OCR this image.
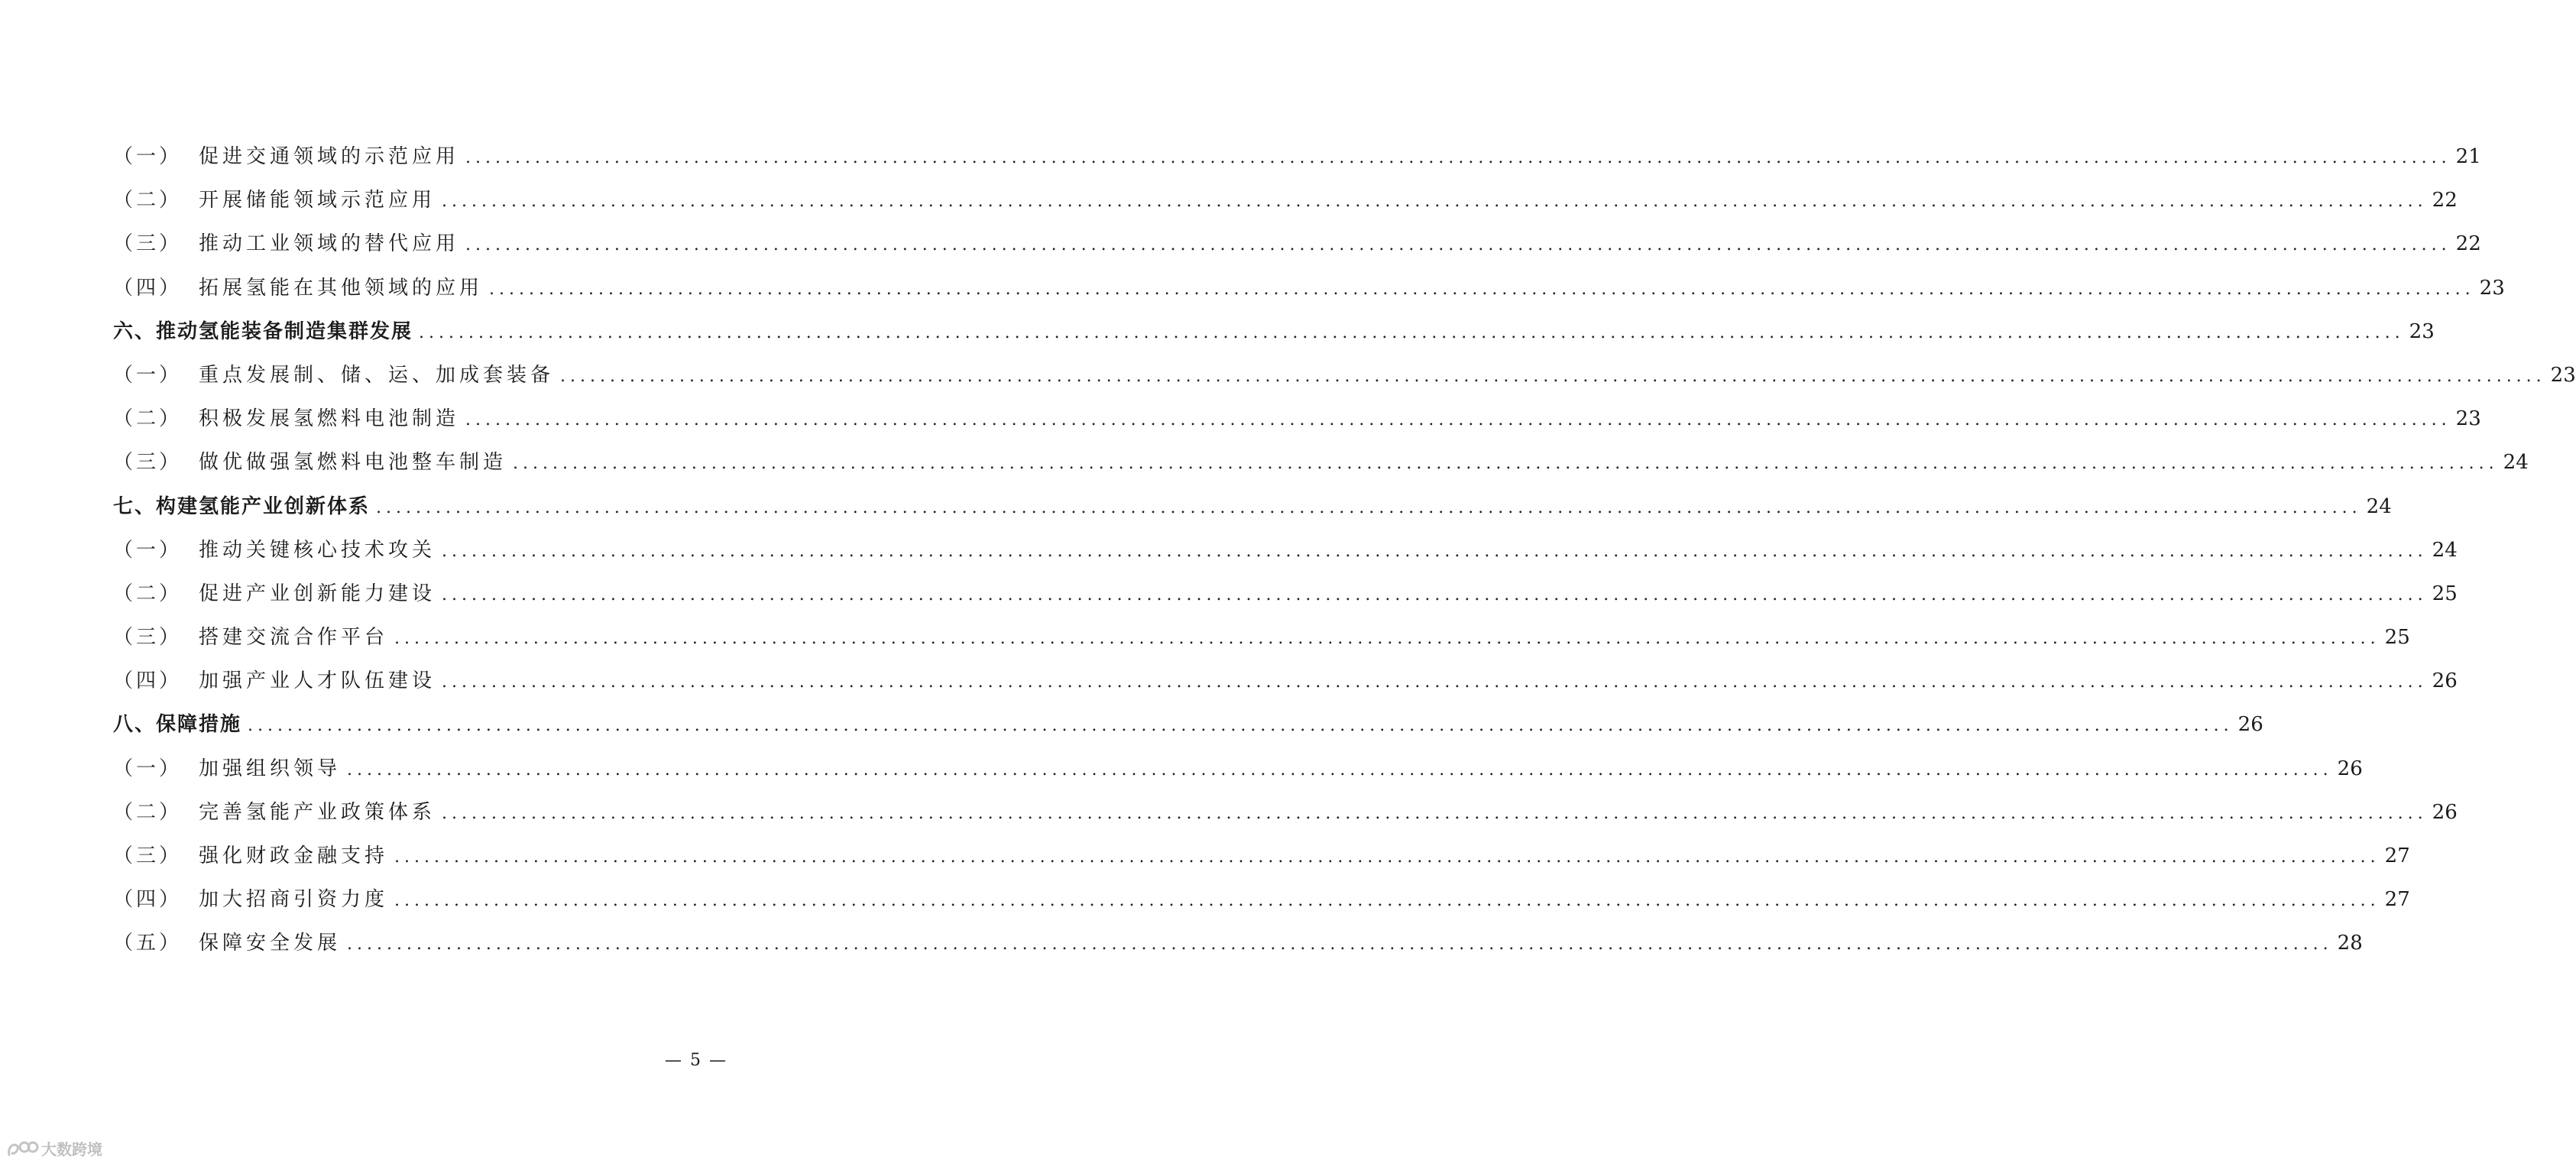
（一） 促进交通领域的示范应用 ........................................................................................................................................................................................................ 21
（二） 开展储能领域示范应用 ........................................................................................................................................................................................................ 22
（三） 推动工业领域的替代应用 ........................................................................................................................................................................................................ 22
（四） 拓展氢能在其他领域的应用 ........................................................................................................................................................................................................ 23
六、推动氢能装备制造集群发展 ........................................................................................................................................................................................................ 23
（一） 重点发展制、储、运、加成套装备 ........................................................................................................................................................................................................ 23
（二） 积极发展氢燃料电池制造 ........................................................................................................................................................................................................ 23
（三） 做优做强氢燃料电池整车制造 ........................................................................................................................................................................................................ 24
七、构建氢能产业创新体系 ........................................................................................................................................................................................................ 24
（一） 推动关键核心技术攻关 ........................................................................................................................................................................................................ 24
（二） 促进产业创新能力建设 ........................................................................................................................................................................................................ 25
（三） 搭建交流合作平台 ........................................................................................................................................................................................................ 25
（四） 加强产业人才队伍建设 ........................................................................................................................................................................................................ 26
八、保障措施 ........................................................................................................................................................................................................ 26
（一） 加强组织领导 ........................................................................................................................................................................................................ 26
（二） 完善氢能产业政策体系 ........................................................................................................................................................................................................ 26
（三） 强化财政金融支持 ........................................................................................................................................................................................................ 27
（四） 加大招商引资力度 ........................................................................................................................................................................................................ 27
（五） 保障安全发展 ........................................................................................................................................................................................................ 28
— 5 —
大数跨境
